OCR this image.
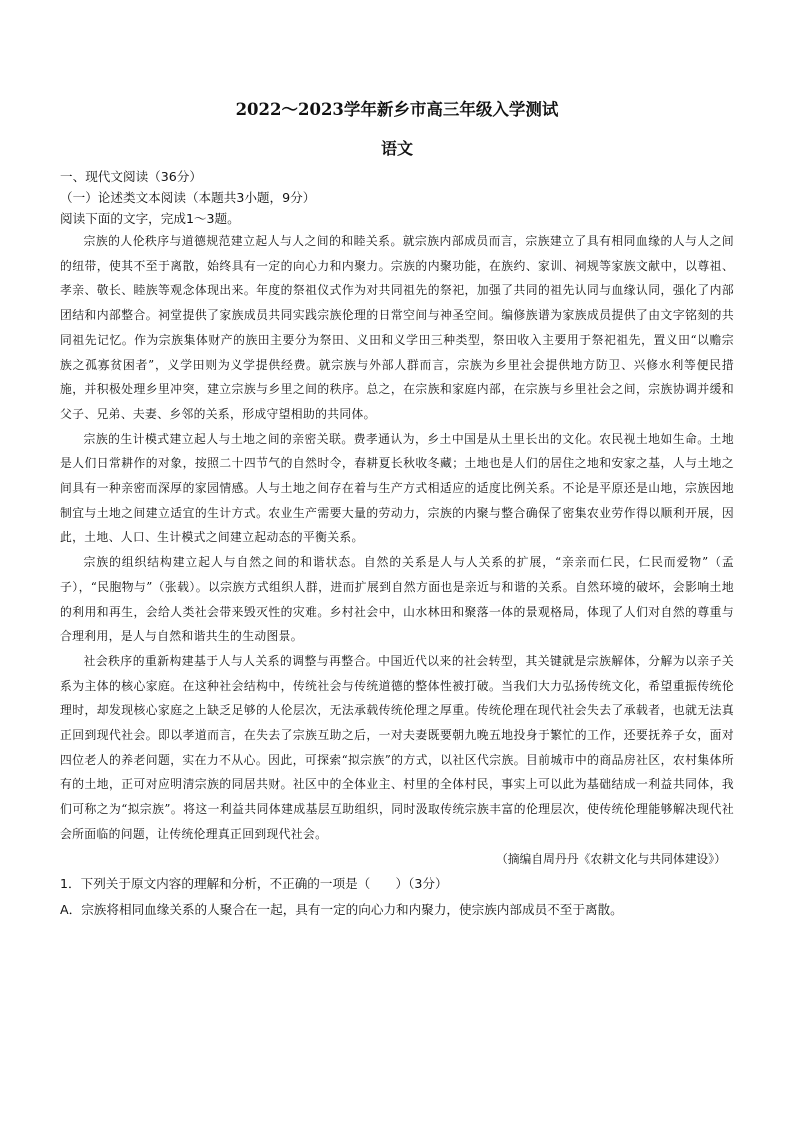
2022～2023学年新乡市高三年级入学测试
语文

一、现代文阅读（36分）

（一）论述类文本阅读（本题共3小题，9分）

阅读下面的文字，完成1～3题。

宗族的人伦秩序与道德规范建立起人与人之间的和睦关系。就宗族内部成员而言，宗族建立了具有相同血缘的人与人之间的纽带，使其不至于离散，始终具有一定的向心力和内聚力。宗族的内聚功能，在族约、家训、祠规等家族文献中，以尊祖、孝亲、敬长、睦族等观念体现出来。年度的祭祖仪式作为对共同祖先的祭祀，加强了共同的祖先认同与血缘认同，强化了内部团结和内部整合。祠堂提供了家族成员共同实践宗族伦理的日常空间与神圣空间。编修族谱为家族成员提供了由文字铭刻的共同祖先记忆。作为宗族集体财产的族田主要分为祭田、义田和义学田三种类型，祭田收入主要用于祭祀祖先，置义田“以赡宗族之孤寡贫困者”，义学田则为义学提供经费。就宗族与外部人群而言，宗族为乡里社会提供地方防卫、兴修水利等便民措施，并积极处理乡里冲突，建立宗族与乡里之间的秩序。总之，在宗族和家庭内部，在宗族与乡里社会之间，宗族协调并缓和父子、兄弟、夫妻、乡邻的关系，形成守望相助的共同体。

宗族的生计模式建立起人与土地之间的亲密关联。费孝通认为，乡土中国是从土里长出的文化。农民视土地如生命。土地是人们日常耕作的对象，按照二十四节气的自然时令，春耕夏长秋收冬藏；土地也是人们的居住之地和安家之基，人与土地之间具有一种亲密而深厚的家园情感。人与土地之间存在着与生产方式相适应的适度比例关系。不论是平原还是山地，宗族因地制宜与土地之间建立适宜的生计方式。农业生产需要大量的劳动力，宗族的内聚与整合确保了密集农业劳作得以顺利开展，因此，土地、人口、生计模式之间建立起动态的平衡关系。

宗族的组织结构建立起人与自然之间的和谐状态。自然的关系是人与人关系的扩展，“亲亲而仁民，仁民而爱物”（孟子），“民胞物与”（张载）。以宗族方式组织人群，进而扩展到自然方面也是亲近与和谐的关系。自然环境的破坏，会影响土地的利用和再生，会给人类社会带来毁灭性的灾难。乡村社会中，山水林田和聚落一体的景观格局，体现了人们对自然的尊重与合理利用，是人与自然和谐共生的生动图景。

社会秩序的重新构建基于人与人关系的调整与再整合。中国近代以来的社会转型，其关键就是宗族解体，分解为以亲子关系为主体的核心家庭。在这种社会结构中，传统社会与传统道德的整体性被打破。当我们大力弘扬传统文化，希望重振传统伦理时，却发现核心家庭之上缺乏足够的人伦层次，无法承载传统伦理之厚重。传统伦理在现代社会失去了承载者，也就无法真正回到现代社会。即以孝道而言，在失去了宗族互助之后，一对夫妻既要朝九晚五地投身于繁忙的工作，还要抚养子女，面对四位老人的养老问题，实在力不从心。因此，可探索“拟宗族”的方式，以社区代宗族。目前城市中的商品房社区，农村集体所有的土地，正可对应明清宗族的同居共财。社区中的全体业主、村里的全体村民，事实上可以此为基础结成一利益共同体，我们可称之为“拟宗族”。将这一利益共同体建成基层互助组织，同时汲取传统宗族丰富的伦理层次，使传统伦理能够解决现代社会所面临的问题，让传统伦理真正回到现代社会。

（摘编自周丹丹《农耕文化与共同体建设》）

1．下列关于原文内容的理解和分析，不正确的一项是（　　）（3分）

A．宗族将相同血缘关系的人聚合在一起，具有一定的向心力和内聚力，使宗族内部成员不至于离散。
